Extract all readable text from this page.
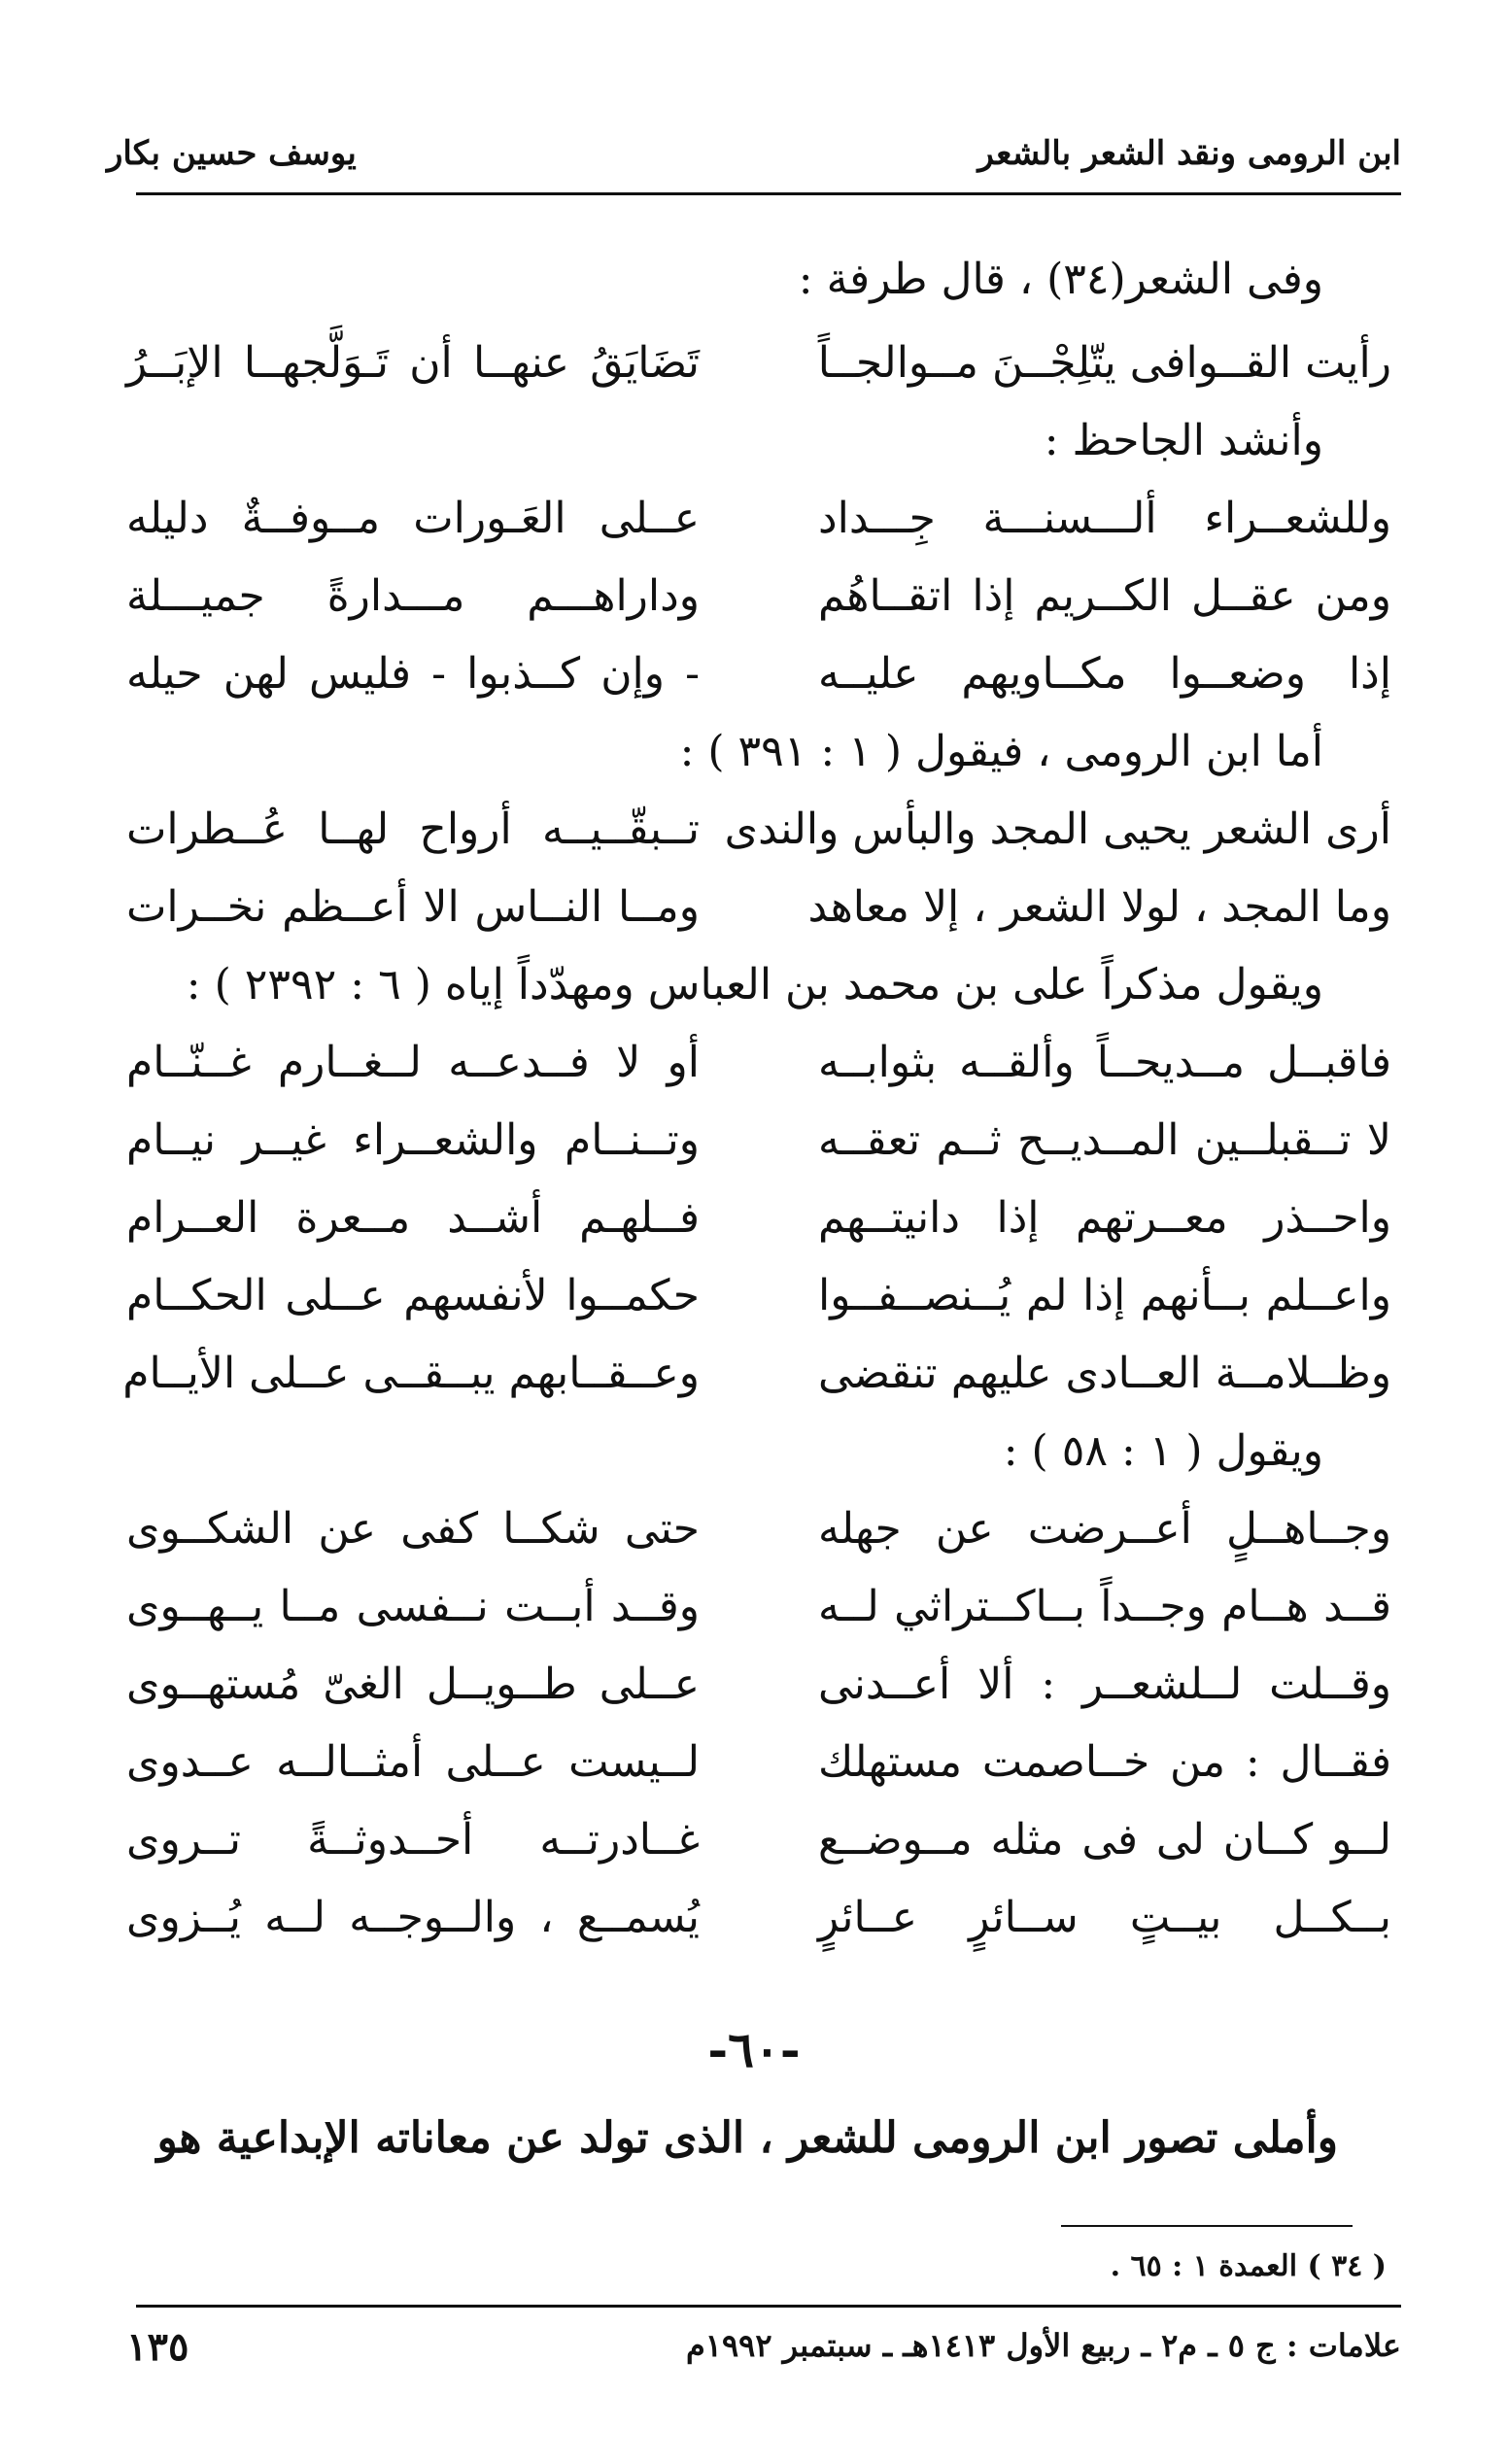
ابن الرومى ونقد الشعر بالشعر
يوسف حسين بكار
وفى الشعر(٣٤) ، قال طرفة :
رأيت القــوافى يتّلِجْــنَ مــوالجــاً
تَضَايَقُ عنهــا أن تَـوَلَّجهــا الإبَــرُ
وأنشد الجاحظ :
وللشعــراء ألـــسنـــة جِـــداد
عــلى العَـورات مــوفــةٌ دليله
ومن عقــل الكــريم إذا اتقــاهُم
وداراهـــم مـــدارةً جميـــلة
إذا وضعــوا مكــاويهم عليــه
- وإن كــذبوا - فليس لهن حيله
أما ابن الرومى ، فيقول ( ١ : ٣٩١ ) :
أرى الشعر يحيى المجد والبأس والندى
تــبقّــيــه أرواح لهــا عُــطرات
وما المجد ، لولا الشعر ، إلا معاهد
ومــا النــاس الا أعــظم نخــرات
ويقول مذكراً على بن محمد بن العباس ومهدّداً إياه ( ٦ : ٢٣٩٢ ) :
فاقبــل مــديحــاً وألقــه بثوابــه
أو لا فــدعــه لــغــارم غــنّــام
لا تــقبلــين المــديــح ثــم تعقــه
وتــنــام والشعــراء غيــر نيــام
واحــذر معــرتهم إذا دانيتــهم
فــلهـم أشــد مــعرة العــرام
واعــلم بــأنهم إذا لم يُــنصــفــوا
حكمــوا لأنفسهم عــلى الحكــام
وظــلامــة العــادى عليهم تنقضى
وعــقــابهم يبــقــى عــلى الأيــام
ويقول ( ١ : ٥٨ ) :
وجــاهــلٍ أعــرضت عن جهله
حتى شكــا كفى عن الشكــوى
قــد هــام وجــداً بــاكــتراثي لــه
وقــد أبــت نــفسى مــا يــهــوى
وقــلت لــلشعــر : ألا أعــدنى
عــلى طــويــل الغىّ مُستهــوى
فقــال : من خــاصمت مستهلك
لــيست عــلى أمثــالــه عــدوى
لــو كــان لى فى مثله مــوضــع
غــادرتــه أحــدوثــةً تــروى
بــكــل بيــتٍ ســائرٍ عــائرٍ
يُسمــع ، والــوجــه لــه يُــزوى
-٦٠-
وأملى تصور ابن الرومى للشعر ، الذى تولد عن معاناته الإبداعية هو
( ٣٤ ) العمدة ١ : ٦٥ .
علامات : ج ٥ ـ م٢ ـ ربيع الأول ١٤١٣هـ ـ سبتمبر ١٩٩٢م
١٣٥
